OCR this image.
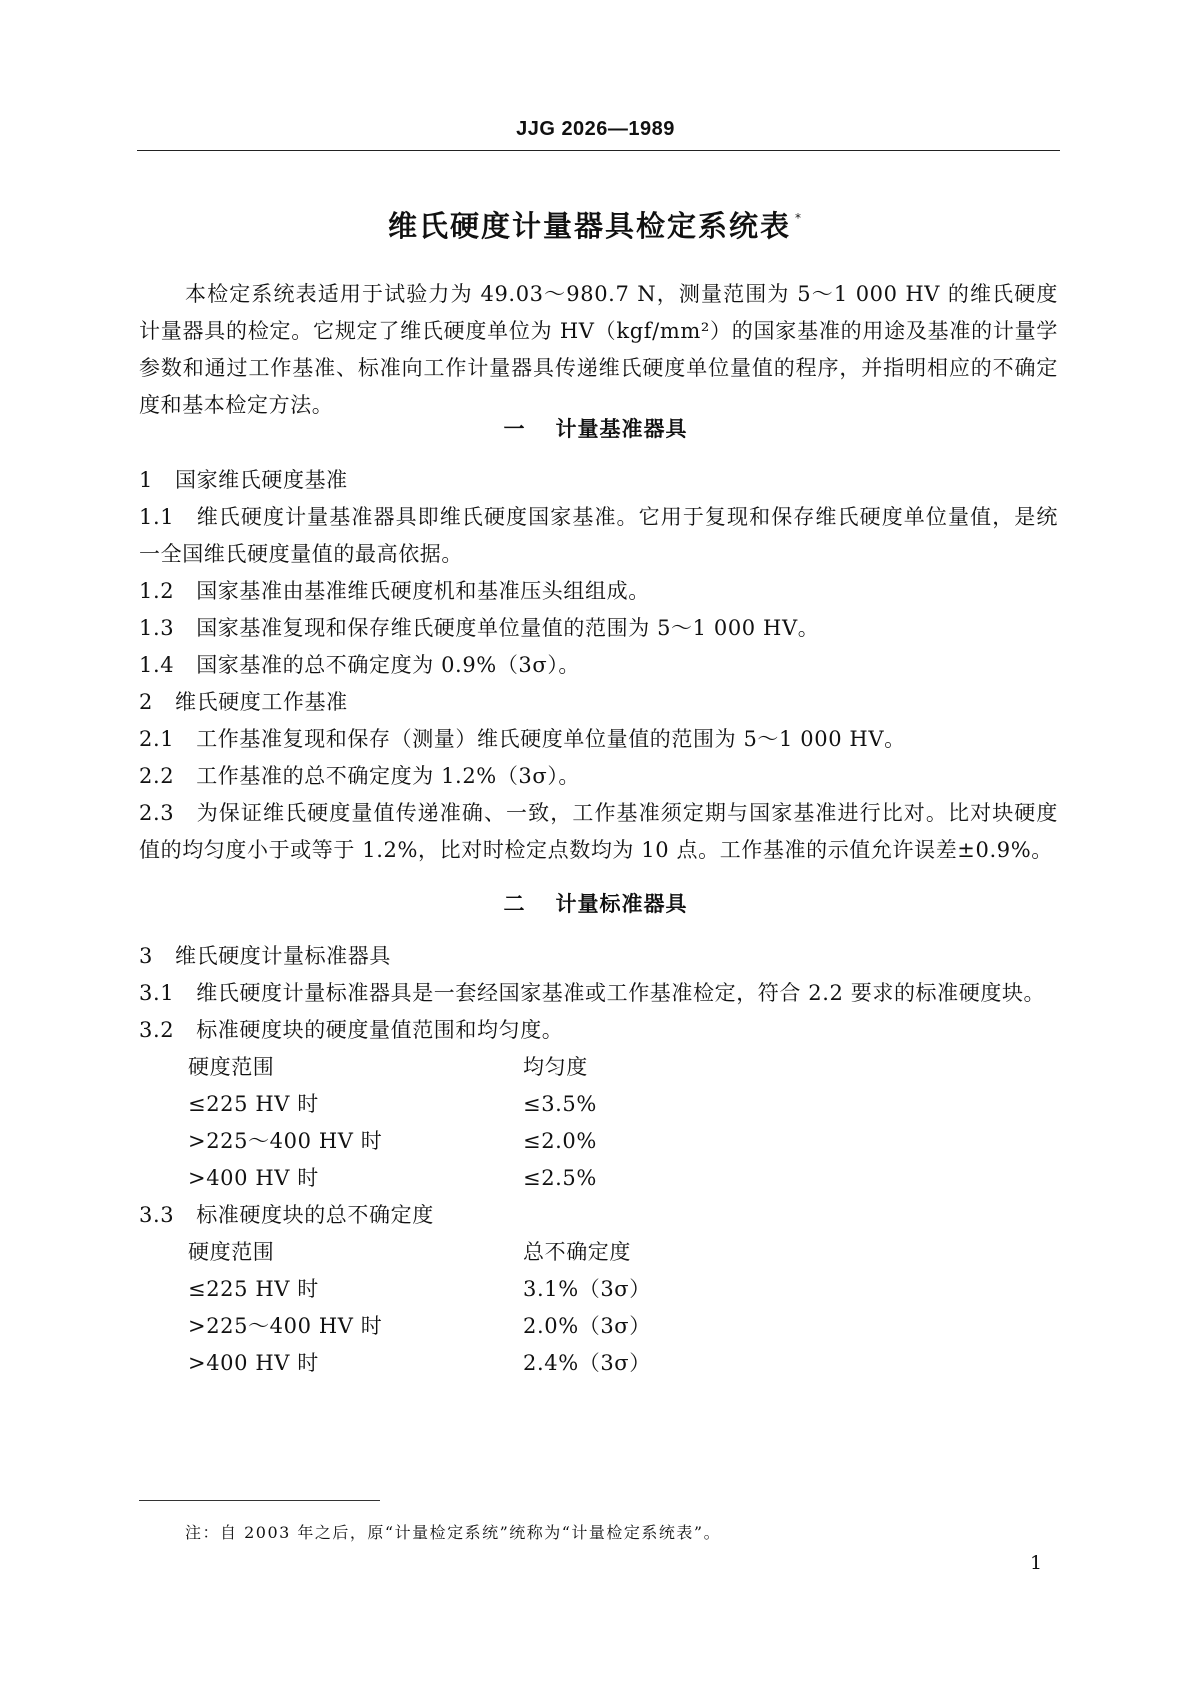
JJG 2026—1989
维氏硬度计量器具检定系统表 *
本检定系统表适用于试验力为 49.03～980.7 N，测量范围为 5～1 000 HV 的维氏硬度计量器具的检定。它规定了维氏硬度单位为 HV（kgf/mm²）的国家基准的用途及基准的计量学参数和通过工作基准、标准向工作计量器具传递维氏硬度单位量值的程序，并指明相应的不确定度和基本检定方法。
一 计量基准器具

1 国家维氏硬度基准

1.1 维氏硬度计量基准器具即维氏硬度国家基准。它用于复现和保存维氏硬度单位量值，是统一全国维氏硬度量值的最高依据。

1.2 国家基准由基准维氏硬度机和基准压头组组成。

1.3 国家基准复现和保存维氏硬度单位量值的范围为 5～1 000 HV。

1.4 国家基准的总不确定度为 0.9%（3σ）。

2 维氏硬度工作基准

2.1 工作基准复现和保存（测量）维氏硬度单位量值的范围为 5～1 000 HV。

2.2 工作基准的总不确定度为 1.2%（3σ）。

2.3 为保证维氏硬度量值传递准确、一致，工作基准须定期与国家基准进行比对。比对块硬度值的均匀度小于或等于 1.2%，比对时检定点数均为 10 点。工作基准的示值允许误差±0.9%。

二 计量标准器具

3 维氏硬度计量标准器具

3.1 维氏硬度计量标准器具是一套经国家基准或工作基准检定，符合 2.2 要求的标准硬度块。

3.2 标准硬度块的硬度量值范围和均匀度。

硬度范围	均匀度
≤225 HV 时	≤3.5%
>225～400 HV 时	≤2.0%
>400 HV 时	≤2.5%

3.3 标准硬度块的总不确定度

硬度范围	总不确定度
≤225 HV 时	3.1%（3σ）
>225～400 HV 时	2.0%（3σ）
>400 HV 时	2.4%（3σ）
注：自 2003 年之后，原“计量检定系统”统称为“计量检定系统表”。
1
